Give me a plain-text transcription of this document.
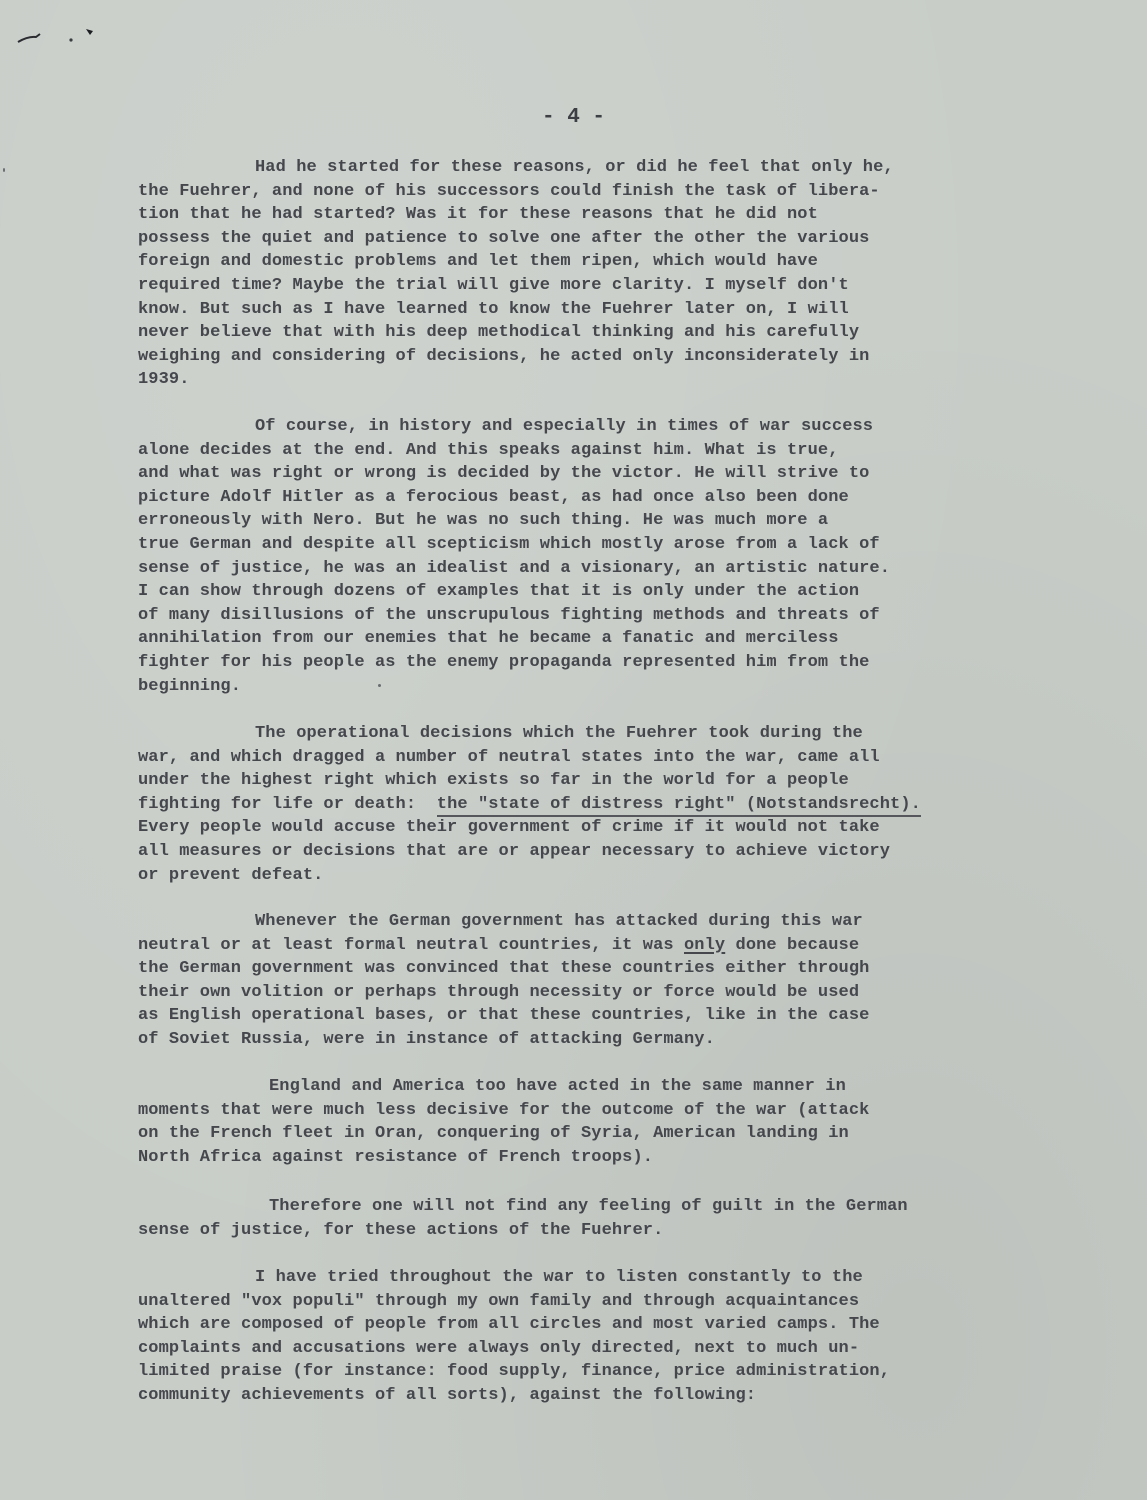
- 4 -
Had he started for these reasons, or did he feel that only he,
the Fuehrer, and none of his successors could finish the task of libera-
tion that he had started? Was it for these reasons that he did not
possess the quiet and patience to solve one after the other the various
foreign and domestic problems and let them ripen, which would have
required time? Maybe the trial will give more clarity. I myself don't
know. But such as I have learned to know the Fuehrer later on, I will
never believe that with his deep methodical thinking and his carefully
weighing and considering of decisions, he acted only inconsiderately in
1939.
Of course, in history and especially in times of war success
alone decides at the end. And this speaks against him. What is true,
and what was right or wrong is decided by the victor. He will strive to
picture Adolf Hitler as a ferocious beast, as had once also been done
erroneously with Nero. But he was no such thing. He was much more a
true German and despite all scepticism which mostly arose from a lack of
sense of justice, he was an idealist and a visionary, an artistic nature.
I can show through dozens of examples that it is only under the action
of many disillusions of the unscrupulous fighting methods and threats of
annihilation from our enemies that he became a fanatic and merciless
fighter for his people as the enemy propaganda represented him from the
beginning.
The operational decisions which the Fuehrer took during the
war, and which dragged a number of neutral states into the war, came all
under the highest right which exists so far in the world for a people
fighting for life or death: the "state of distress right" (Notstandsrecht).
Every people would accuse their government of crime if it would not take
all measures or decisions that are or appear necessary to achieve victory
or prevent defeat.
Whenever the German government has attacked during this war
neutral or at least formal neutral countries, it was only done because
the German government was convinced that these countries either through
their own volition or perhaps through necessity or force would be used
as English operational bases, or that these countries, like in the case
of Soviet Russia, were in instance of attacking Germany.
England and America too have acted in the same manner in
moments that were much less decisive for the outcome of the war (attack
on the French fleet in Oran, conquering of Syria, American landing in
North Africa against resistance of French troops).
Therefore one will not find any feeling of guilt in the German
sense of justice, for these actions of the Fuehrer.
I have tried throughout the war to listen constantly to the
unaltered "vox populi" through my own family and through acquaintances
which are composed of people from all circles and most varied camps. The
complaints and accusations were always only directed, next to much un-
limited praise (for instance: food supply, finance, price administration,
community achievements of all sorts), against the following:
